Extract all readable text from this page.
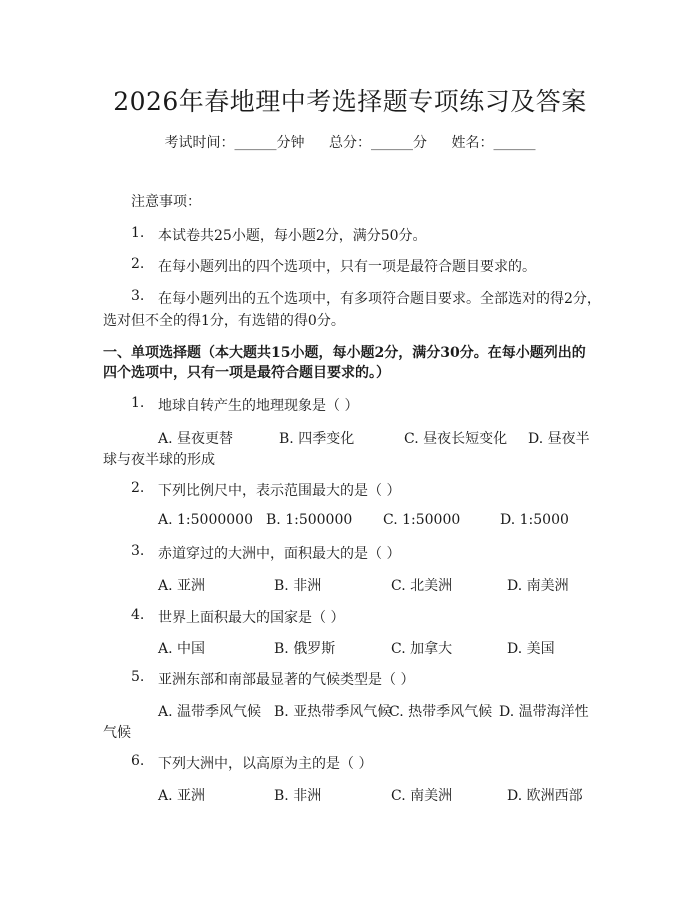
2026年春地理中考选择题专项练习及答案
考试时间：______分钟 总分：______分 姓名：______
注意事项：
1. 本试卷共25小题，每小题2分，满分50分。
2. 在每小题列出的四个选项中，只有一项是最符合题目要求的。
3. 在每小题列出的五个选项中，有多项符合题目要求。全部选对的得2分，
选对但不全的得1分，有选错的得0分。
一、单项选择题（本大题共15小题，每小题2分，满分30分。在每小题列出的
四个选项中，只有一项是最符合题目要求的。）
1. 地球自转产生的地理现象是（ ）
A. 昼夜更替	B. 四季变化	C. 昼夜长短变化 D. 昼夜半
球与夜半球的形成
2. 下列比例尺中，表示范围最大的是（ ）
A. 1:5000000 B. 1:500000 C. 1:50000	D. 1:5000
3. 赤道穿过的大洲中，面积最大的是（ ）
A. 亚洲	B. 非洲	C. 北美洲	D. 南美洲
4. 世界上面积最大的国家是（ ）
A. 中国	B. 俄罗斯	C. 加拿大	D. 美国
5. 亚洲东部和南部最显著的气候类型是（ ）
A. 温带季风气候 B. 亚热带季风气候
C. 热带季风气候 D. 温带海洋性
气候
6. 下列大洲中，以高原为主的是（ ）
A. 亚洲	B. 非洲	C. 南美洲	D. 欧洲西部
